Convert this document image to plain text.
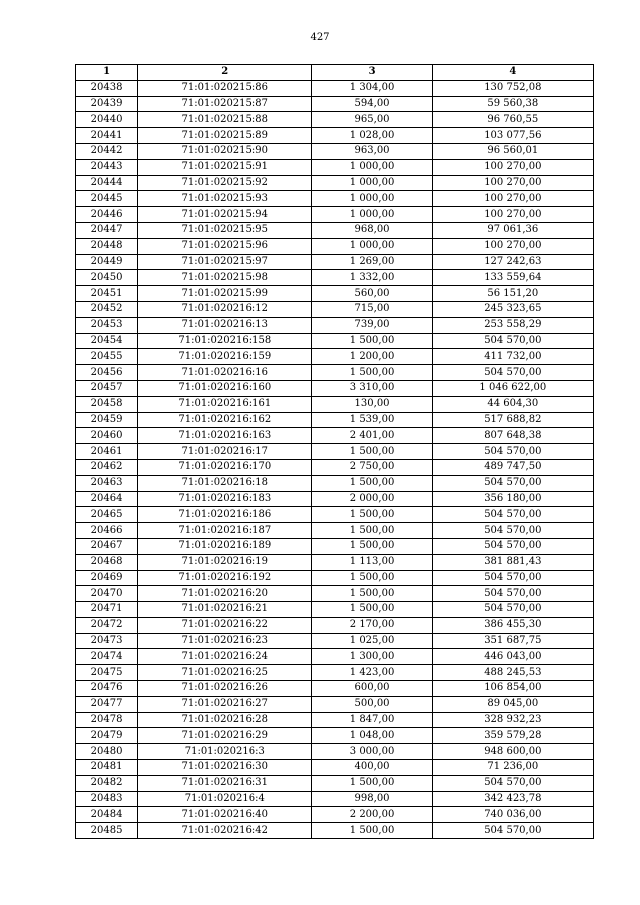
427
1	2	3	4
20438	71:01:020215:86	1 304,00	130 752,08
20439	71:01:020215:87	594,00	59 560,38
20440	71:01:020215:88	965,00	96 760,55
20441	71:01:020215:89	1 028,00	103 077,56
20442	71:01:020215:90	963,00	96 560,01
20443	71:01:020215:91	1 000,00	100 270,00
20444	71:01:020215:92	1 000,00	100 270,00
20445	71:01:020215:93	1 000,00	100 270,00
20446	71:01:020215:94	1 000,00	100 270,00
20447	71:01:020215:95	968,00	97 061,36
20448	71:01:020215:96	1 000,00	100 270,00
20449	71:01:020215:97	1 269,00	127 242,63
20450	71:01:020215:98	1 332,00	133 559,64
20451	71:01:020215:99	560,00	56 151,20
20452	71:01:020216:12	715,00	245 323,65
20453	71:01:020216:13	739,00	253 558,29
20454	71:01:020216:158	1 500,00	504 570,00
20455	71:01:020216:159	1 200,00	411 732,00
20456	71:01:020216:16	1 500,00	504 570,00
20457	71:01:020216:160	3 310,00	1 046 622,00
20458	71:01:020216:161	130,00	44 604,30
20459	71:01:020216:162	1 539,00	517 688,82
20460	71:01:020216:163	2 401,00	807 648,38
20461	71:01:020216:17	1 500,00	504 570,00
20462	71:01:020216:170	2 750,00	489 747,50
20463	71:01:020216:18	1 500,00	504 570,00
20464	71:01:020216:183	2 000,00	356 180,00
20465	71:01:020216:186	1 500,00	504 570,00
20466	71:01:020216:187	1 500,00	504 570,00
20467	71:01:020216:189	1 500,00	504 570,00
20468	71:01:020216:19	1 113,00	381 881,43
20469	71:01:020216:192	1 500,00	504 570,00
20470	71:01:020216:20	1 500,00	504 570,00
20471	71:01:020216:21	1 500,00	504 570,00
20472	71:01:020216:22	2 170,00	386 455,30
20473	71:01:020216:23	1 025,00	351 687,75
20474	71:01:020216:24	1 300,00	446 043,00
20475	71:01:020216:25	1 423,00	488 245,53
20476	71:01:020216:26	600,00	106 854,00
20477	71:01:020216:27	500,00	89 045,00
20478	71:01:020216:28	1 847,00	328 932,23
20479	71:01:020216:29	1 048,00	359 579,28
20480	71:01:020216:3	3 000,00	948 600,00
20481	71:01:020216:30	400,00	71 236,00
20482	71:01:020216:31	1 500,00	504 570,00
20483	71:01:020216:4	998,00	342 423,78
20484	71:01:020216:40	2 200,00	740 036,00
20485	71:01:020216:42	1 500,00	504 570,00
